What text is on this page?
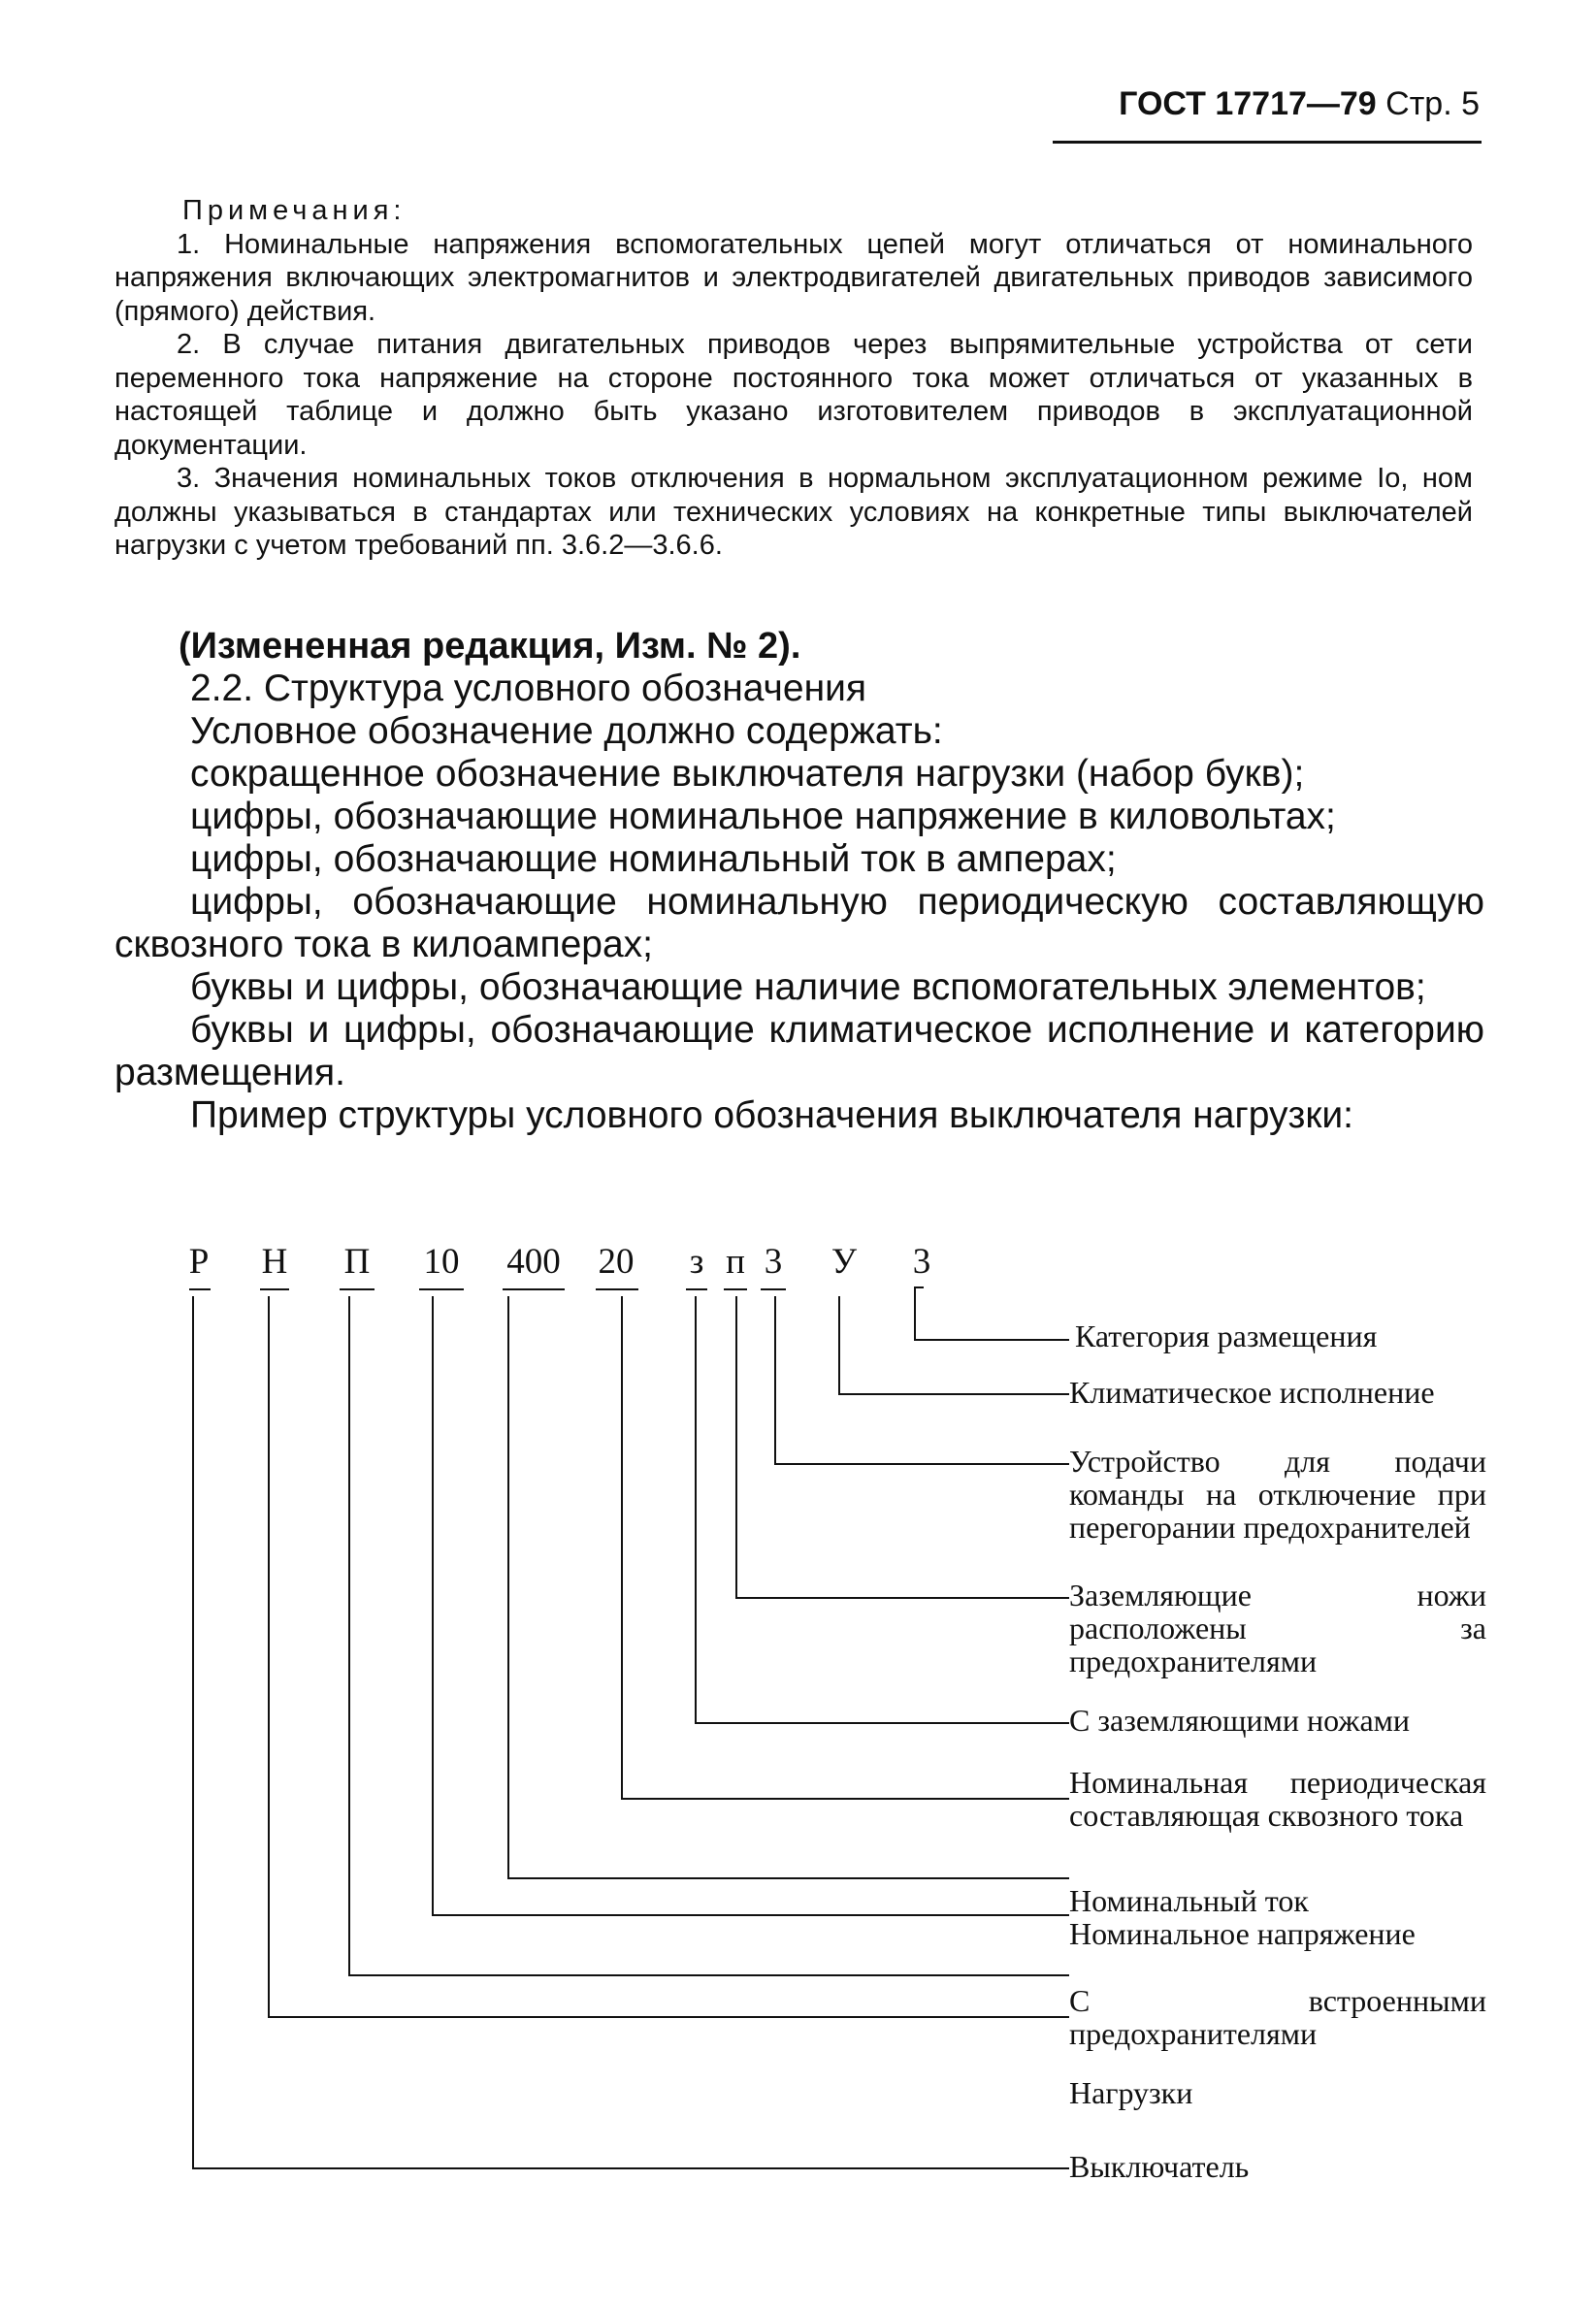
ГОСТ 17717—79 Стр. 5

Примечания:

1. Номинальные напряжения вспомогательных цепей могут отличаться от номинального напряжения включающих электромагнитов и электродвигателей двигательных приводов зависимого (прямого) действия.

2. В случае питания двигательных приводов через выпрямительные устройства от сети переменного тока напряжение на стороне постоянного тока может отличаться от указанных в настоящей таблице и должно быть указано изготовителем приводов в эксплуатационной документации.

3. Значения номинальных токов отключения в нормальном эксплуатационном режиме Iо, ном должны указываться в стандартах или технических условиях на конкретные типы выключателей нагрузки с учетом требований пп. 3.6.2—3.6.6.

(Измененная редакция, Изм. № 2).

2.2. Структура условного обозначения

Условное обозначение должно содержать:

сокращенное обозначение выключателя нагрузки (набор букв);

цифры, обозначающие номинальное напряжение в киловольтах;

цифры, обозначающие номинальный ток в амперах;

цифры, обозначающие номинальную периодическую составляющую сквозного тока в килоамперах;

буквы и цифры, обозначающие наличие вспомогательных элементов;

буквы и цифры, обозначающие климатическое исполнение и категорию размещения.

Пример структуры условного обозначения выключателя нагрузки:

Р	Н	П	10	400	20	з п 3	У	3
Категория размещения
Климатическое исполнение
Устройство для подачи команды на отключение при перегорании предохранителей
Заземляющие ножи расположены за предохранителями
С заземляющими ножами
Номинальная периодическая составляющая сквозного тока
Номинальный ток
Номинальное напряжение
С встроенными предохранителями
Нагрузки
Выключатель
